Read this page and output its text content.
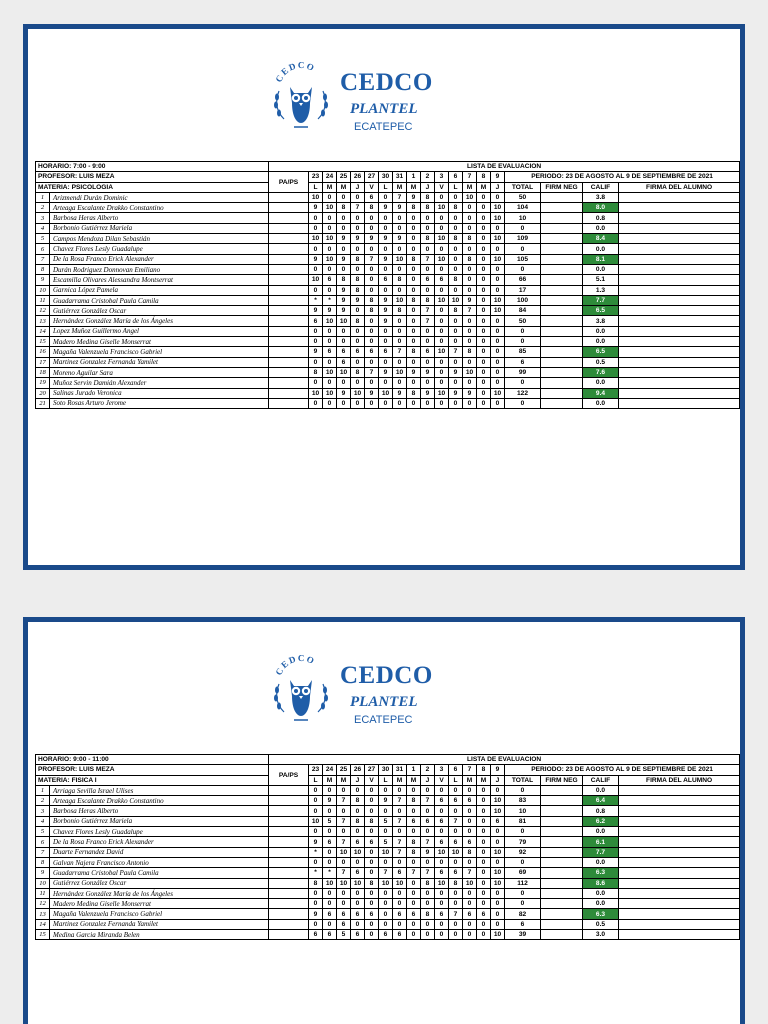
CEDCO
CEDCO
PLANTEL
ECATEPEC
HORARIO: 7:00 - 9:00		LISTA DE EVALUACION																		
PROFESOR: LUIS MEZA		PA/PS	23	24	25	26	27	30	31	1	2	3	6	7	8	9	PERIODO: 23 DE AGOSTO AL 9 DE SEPTIEMBRE DE 2021			
MATERIA: PSICOLOGIA			L	M	M	J	V	L	M	M	J	V	L	M	M	J	TOTAL	FIRM NEG	CALIF	FIRMA DEL ALUMNO
1	Arizmendi Durán Dominic		10	0	0	0	6	0	7	9	8	0	0	10	0	0	50		3.8	
2	Arteaga Escalante Drakko Constantino		9	10	8	7	8	9	9	8	8	10	8	0	0	10	104		8.0	
3	Barbosa Heras Alberto		0	0	0	0	0	0	0	0	0	0	0	0	0	10	10		0.8	
4	Borbonio Gutiérrez Mariela		0	0	0	0	0	0	0	0	0	0	0	0	0	0	0		0.0	
5	Campos Mendoza Dilan Sebastián		10	10	9	9	9	9	9	0	8	10	8	8	0	10	109		8.4	
6	Chavez Flores Lesly Guadalupe		0	0	0	0	0	0	0	0	0	0	0	0	0	0	0		0.0	
7	De la Rosa Franco Erick Alexander		9	10	9	8	7	9	10	8	7	10	0	8	0	10	105		8.1	
8	Durán Rodriguez Donnovan Emiliano		0	0	0	0	0	0	0	0	0	0	0	0	0	0	0		0.0	
9	Escamilla Olivares Alessandra Montserrat		10	6	8	8	0	6	8	0	6	6	8	0	0	0	66		5.1	
10	Garnica López Pamela		0	0	9	8	0	0	0	0	0	0	0	0	0	0	17		1.3	
11	Guadarrama Cristobal Paula Camila		*	*	9	9	8	9	10	8	8	10	10	9	0	10	100		7.7	
12	Gutiérrez González Oscar		9	9	9	0	8	9	8	0	7	0	8	7	0	10	84		6.5	
13	Hernández González María de los Ángeles		6	10	10	8	0	9	0	0	7	0	0	0	0	0	50		3.8	
14	Lopez Muñoz Guillermo Angel		0	0	0	0	0	0	0	0	0	0	0	0	0	0	0		0.0	
15	Madero Medina Giselle Monserrat		0	0	0	0	0	0	0	0	0	0	0	0	0	0	0		0.0	
16	Magaña Valenzuela Francisco Gabriel		9	6	6	6	6	6	7	8	6	10	7	8	0	0	85		6.5	
17	Martinez Gonzalez Fernanda Yamilet		0	0	6	0	0	0	0	0	0	0	0	0	0	0	6		0.5	
18	Moreno Aguilar Sara		8	10	10	8	7	9	10	9	9	0	9	10	0	0	99		7.6	
19	Muñoz Servin Damián Alexander		0	0	0	0	0	0	0	0	0	0	0	0	0	0	0		0.0	
20	Salinas Jurado Veronica		10	10	9	10	9	10	9	8	9	10	9	9	0	10	122		9.4	
21	Soto Rosas Arturo Jerome		0	0	0	0	0	0	0	0	0	0	0	0	0	0	0		0.0	
CEDCO
CEDCO
PLANTEL
ECATEPEC
HORARIO: 9:00 - 11:00		LISTA DE EVALUACION																		
PROFESOR: LUIS MEZA		PA/PS	23	24	25	26	27	30	31	1	2	3	6	7	8	9	PERIODO: 23 DE AGOSTO AL 9 DE SEPTIEMBRE DE 2021			
MATERIA: FISICA I			L	M	M	J	V	L	M	M	J	V	L	M	M	J	TOTAL	FIRM NEG	CALIF	FIRMA DEL ALUMNO
1	Arriaga Sevilla Israel Ulises		0	0	0	0	0	0	0	0	0	0	0	0	0	0	0		0.0	
2	Arteaga Escalante Drakko Constantino		0	9	7	8	0	9	7	8	7	6	6	6	0	10	83		6.4	
3	Barbosa Heras Alberto		0	0	0	0	0	0	0	0	0	0	0	0	0	10	10		0.8	
4	Borbonio Gutiérrez Mariela		10	5	7	8	8	5	7	6	6	6	7	0	0	6	81		6.2	
5	Chavez Flores Lesly Guadalupe		0	0	0	0	0	0	0	0	0	0	0	0	0	0	0		0.0	
6	De la Rosa Franco Erick Alexander		9	6	7	6	6	5	7	8	7	6	6	6	0	0	79		6.1	
7	Duarte Fernandez David		*	0	10	10	0	10	7	8	9	10	10	8	0	10	92		7.7	
8	Galvan Najera Francisco Antonio		0	0	0	0	0	0	0	0	0	0	0	0	0	0	0		0.0	
9	Guadarrama Cristobal Paula Camila		*	*	7	6	0	7	6	7	7	6	6	7	0	10	69		6.3	
10	Gutiérrez González Oscar		8	10	10	10	8	10	10	0	8	10	8	10	0	10	112		8.6	
11	Hernández González María de los Ángeles		0	0	0	0	0	0	0	0	0	0	0	0	0	0	0		0.0	
12	Madero Medina Giselle Monserrat		0	0	0	0	0	0	0	0	0	0	0	0	0	0	0		0.0	
13	Magaña Valenzuela Francisco Gabriel		9	6	6	6	6	0	6	6	8	6	7	6	6	0	82		6.3	
14	Martinez Gonzalez Fernanda Yamilet		0	0	6	0	0	0	0	0	0	0	0	0	0	0	6		0.5	
15	Medina Garcia Miranda Belen		6	6	5	6	0	6	6	0	0	0	0	0	0	10	39		3.0	
